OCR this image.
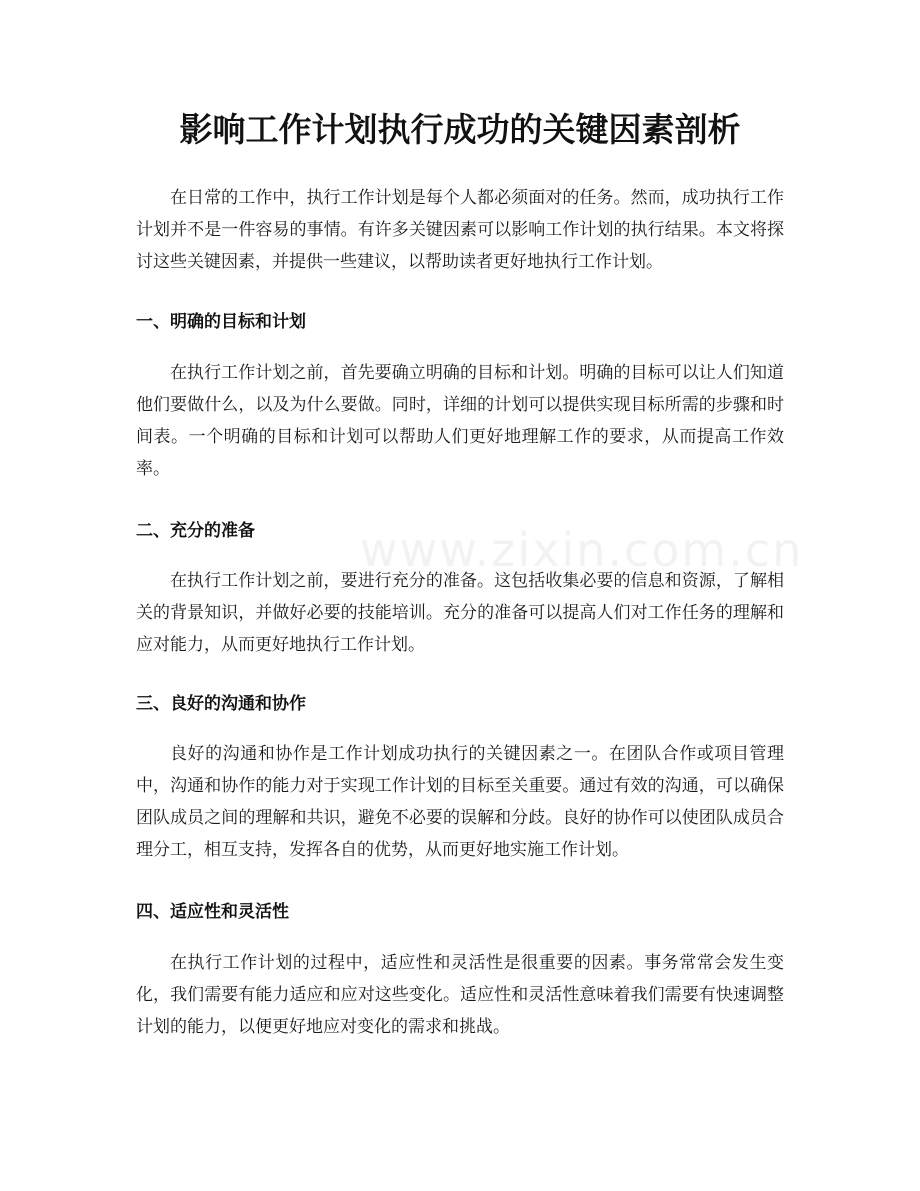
影响工作计划执行成功的关键因素剖析

在日常的工作中，执行工作计划是每个人都必须面对的任务。然而，成功执行工作计划并不是一件容易的事情。有许多关键因素可以影响工作计划的执行结果。本文将探讨这些关键因素，并提供一些建议，以帮助读者更好地执行工作计划。

一、明确的目标和计划

在执行工作计划之前，首先要确立明确的目标和计划。明确的目标可以让人们知道他们要做什么，以及为什么要做。同时，详细的计划可以提供实现目标所需的步骤和时间表。一个明确的目标和计划可以帮助人们更好地理解工作的要求，从而提高工作效率。

二、充分的准备

在执行工作计划之前，要进行充分的准备。这包括收集必要的信息和资源，了解相关的背景知识，并做好必要的技能培训。充分的准备可以提高人们对工作任务的理解和应对能力，从而更好地执行工作计划。

三、良好的沟通和协作

良好的沟通和协作是工作计划成功执行的关键因素之一。在团队合作或项目管理中，沟通和协作的能力对于实现工作计划的目标至关重要。通过有效的沟通，可以确保团队成员之间的理解和共识，避免不必要的误解和分歧。良好的协作可以使团队成员合理分工，相互支持，发挥各自的优势，从而更好地实施工作计划。

四、适应性和灵活性

在执行工作计划的过程中，适应性和灵活性是很重要的因素。事务常常会发生变化，我们需要有能力适应和应对这些变化。适应性和灵活性意味着我们需要有快速调整计划的能力，以便更好地应对变化的需求和挑战。

www.zixin.com.cn
